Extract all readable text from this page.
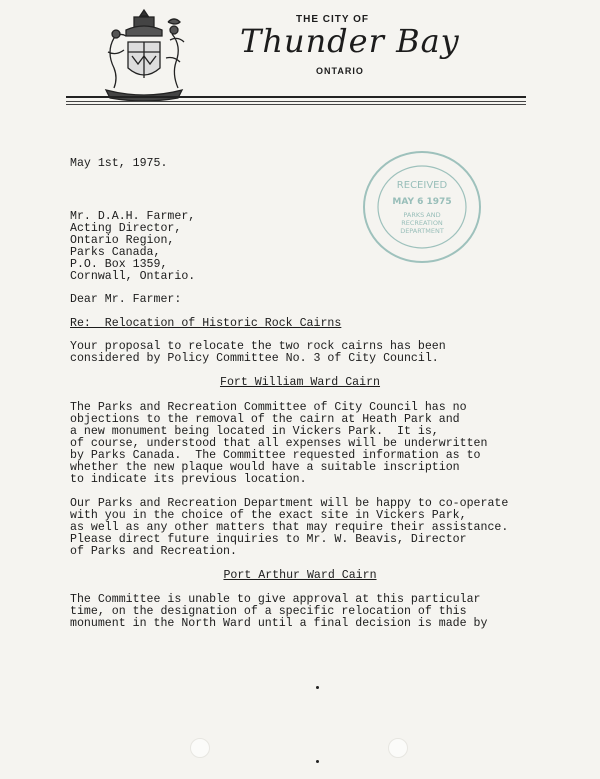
THE CITY OF
Thunder Bay
ONTARIO
RECEIVED
MAY 6 1975
PARKS AND
RECREATION
DEPARTMENT
May 1st, 1975.
Mr. D.A.H. Farmer,
Acting Director,
Ontario Region,
Parks Canada,
P.O. Box 1359,
Cornwall, Ontario.
Dear Mr. Farmer:
Re:  Relocation of Historic Rock Cairns
Your proposal to relocate the two rock cairns has been
considered by Policy Committee No. 3 of City Council.
Fort William Ward Cairn
The Parks and Recreation Committee of City Council has no
objections to the removal of the cairn at Heath Park and
a new monument being located in Vickers Park.  It is,
of course, understood that all expenses will be underwritten
by Parks Canada.  The Committee requested information as to
whether the new plaque would have a suitable inscription
to indicate its previous location.
Our Parks and Recreation Department will be happy to co-operate
with you in the choice of the exact site in Vickers Park,
as well as any other matters that may require their assistance.
Please direct future inquiries to Mr. W. Beavis, Director
of Parks and Recreation.
Port Arthur Ward Cairn
The Committee is unable to give approval at this particular
time, on the designation of a specific relocation of this
monument in the North Ward until a final decision is made by
